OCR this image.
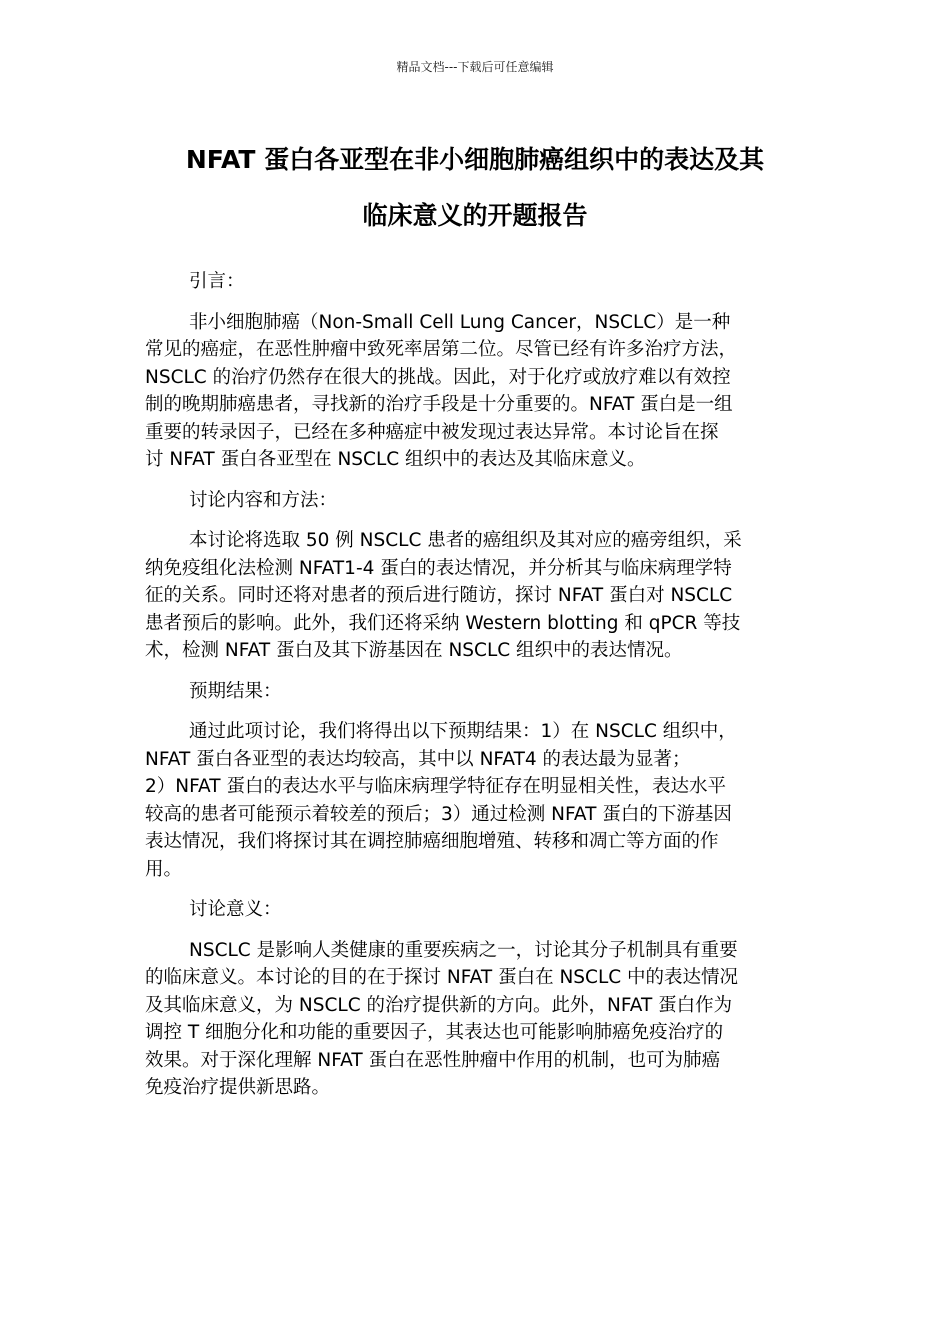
精品文档---下载后可任意编辑
NFAT 蛋白各亚型在非小细胞肺癌组织中的表达及其
临床意义的开题报告
引言：
非小细胞肺癌（Non-Small Cell Lung Cancer，NSCLC）是一种
常见的癌症，在恶性肿瘤中致死率居第二位。尽管已经有许多治疗方法，
NSCLC 的治疗仍然存在很大的挑战。因此，对于化疗或放疗难以有效控
制的晚期肺癌患者，寻找新的治疗手段是十分重要的。NFAT 蛋白是一组
重要的转录因子，已经在多种癌症中被发现过表达异常。本讨论旨在探
讨 NFAT 蛋白各亚型在 NSCLC 组织中的表达及其临床意义。
讨论内容和方法：
本讨论将选取 50 例 NSCLC 患者的癌组织及其对应的癌旁组织，采
纳免疫组化法检测 NFAT1-4 蛋白的表达情况，并分析其与临床病理学特
征的关系。同时还将对患者的预后进行随访，探讨 NFAT 蛋白对 NSCLC
患者预后的影响。此外，我们还将采纳 Western blotting 和 qPCR 等技
术，检测 NFAT 蛋白及其下游基因在 NSCLC 组织中的表达情况。
预期结果：
通过此项讨论，我们将得出以下预期结果：1）在 NSCLC 组织中，
NFAT 蛋白各亚型的表达均较高，其中以 NFAT4 的表达最为显著；
2）NFAT 蛋白的表达水平与临床病理学特征存在明显相关性，表达水平
较高的患者可能预示着较差的预后；3）通过检测 NFAT 蛋白的下游基因
表达情况，我们将探讨其在调控肺癌细胞增殖、转移和凋亡等方面的作
用。
讨论意义：
NSCLC 是影响人类健康的重要疾病之一，讨论其分子机制具有重要
的临床意义。本讨论的目的在于探讨 NFAT 蛋白在 NSCLC 中的表达情况
及其临床意义，为 NSCLC 的治疗提供新的方向。此外，NFAT 蛋白作为
调控 T 细胞分化和功能的重要因子，其表达也可能影响肺癌免疫治疗的
效果。对于深化理解 NFAT 蛋白在恶性肿瘤中作用的机制，也可为肺癌
免疫治疗提供新思路。
